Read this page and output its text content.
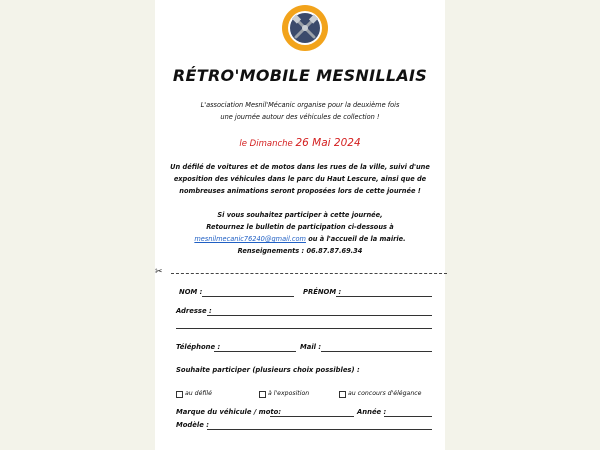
RÉTRO'MOBILE MESNILLAIS
L'association Mesnil'Mécanic organise pour la deuxième fois
une journée autour des véhicules de collection !
le Dimanche 26 Mai 2024
Un défilé de voitures et de motos dans les rues de la ville, suivi d'une
exposition des véhicules dans le parc du Haut Lescure, ainsi que de
nombreuses animations seront proposées lors de cette journée !
Si vous souhaitez participer à cette journée,
Retournez le bulletin de participation ci-dessous à
mesnilmecanic76240@gmail.com ou à l'accueil de la mairie.
Renseignements : 06.87.87.69.34
✂
NOM :	PRÉNOM :
Adresse :
Téléphone :	Mail :
Souhaite participer (plusieurs choix possibles) :
au défilé	à l'exposition	au concours d'élégance
Marque du véhicule / moto:	Année :
Modèle :
